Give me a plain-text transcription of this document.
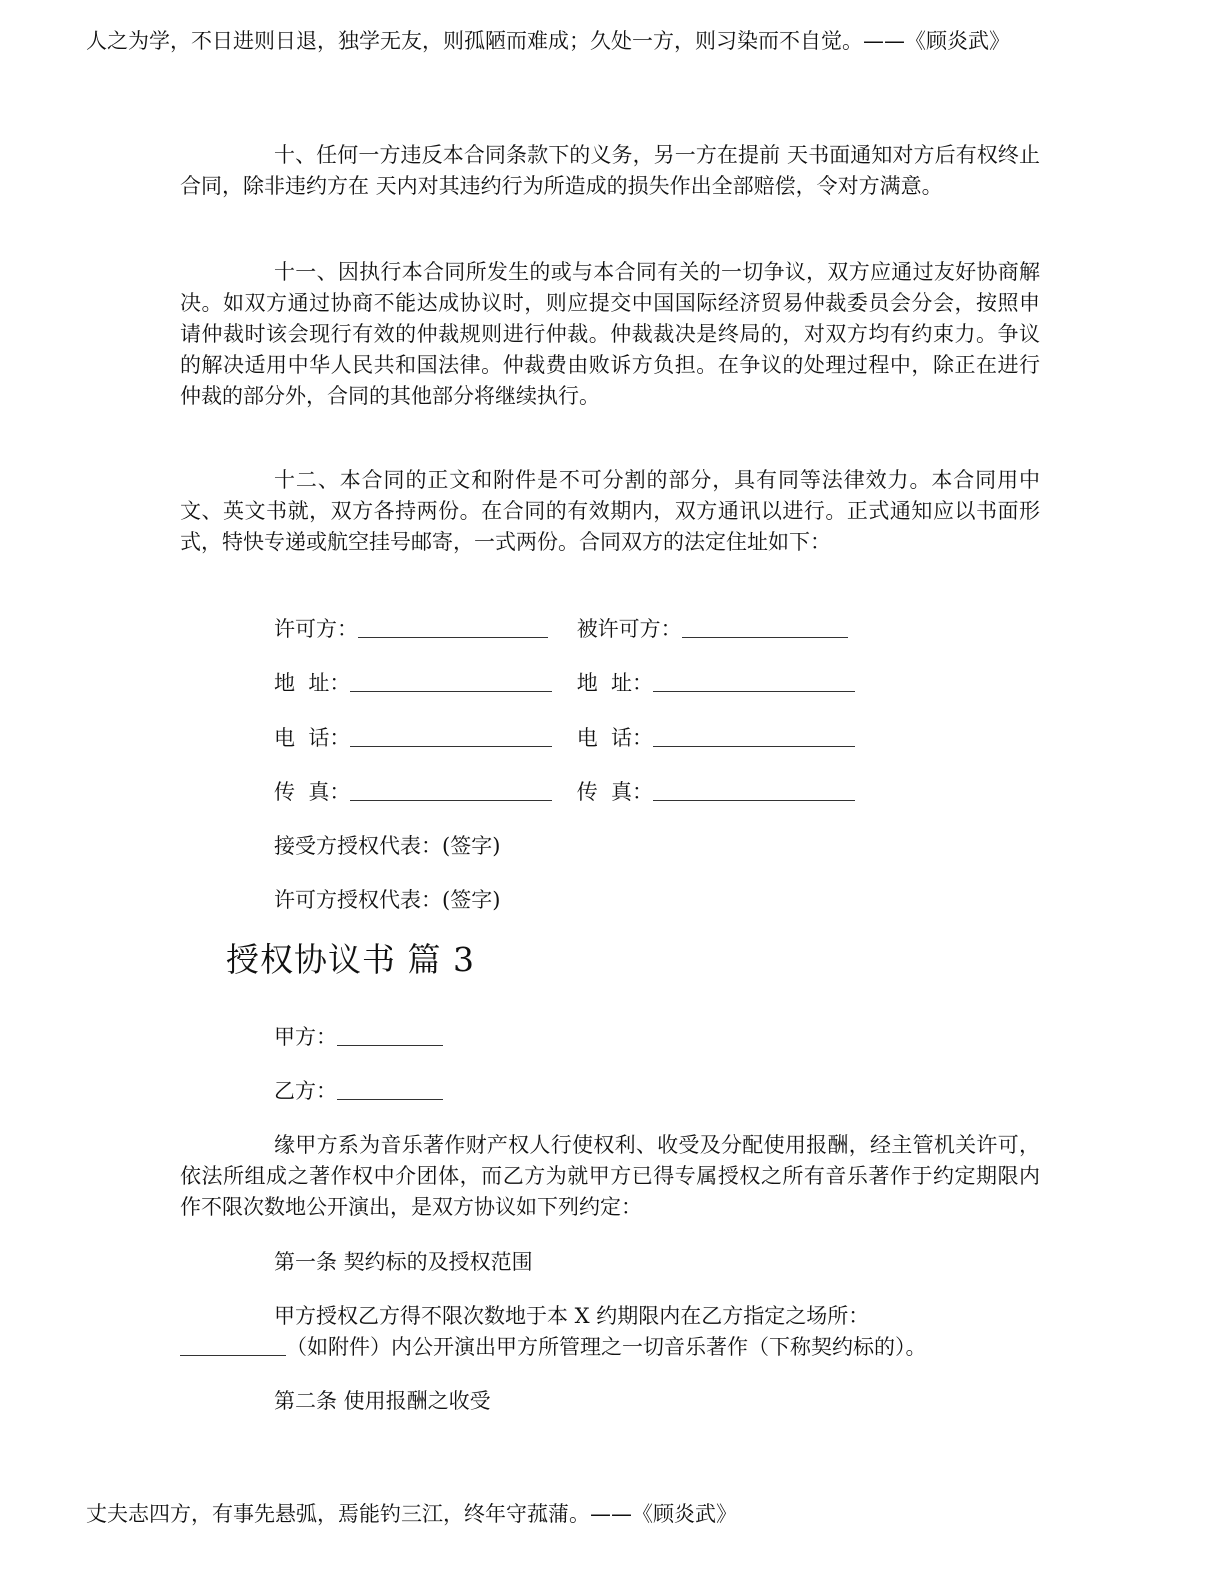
人之为学，不日进则日退，独学无友，则孤陋而难成；久处一方，则习染而不自觉。——《顾炎武》

十、任何一方违反本合同条款下的义务，另一方在提前 天书面通知对方后有权终止合同，除非违约方在 天内对其违约行为所造成的损失作出全部赔偿，令对方满意。

十一、因执行本合同所发生的或与本合同有关的一切争议，双方应通过友好协商解决。如双方通过协商不能达成协议时，则应提交中国国际经济贸易仲裁委员会分会，按照申请仲裁时该会现行有效的仲裁规则进行仲裁。仲裁裁决是终局的，对双方均有约束力。争议的解决适用中华人民共和国法律。仲裁费由败诉方负担。在争议的处理过程中，除正在进行仲裁的部分外，合同的其他部分将继续执行。

十二、本合同的正文和附件是不可分割的部分，具有同等法律效力。本合同用中文、英文书就，双方各持两份。在合同的有效期内，双方通讯以进行。正式通知应以书面形式，特快专递或航空挂号邮寄，一式两份。合同双方的法定住址如下：

许可方：	被许可方：
地  址：	地  址：
电  话：	电  话：
传  真：	传  真：
接受方授权代表：(签字)
许可方授权代表：(签字)
授权协议书 篇 3
甲方：
乙方：

缘甲方系为音乐著作财产权人行使权利、收受及分配使用报酬，经主管机关许可，依法所组成之著作权中介团体，而乙方为就甲方已得专属授权之所有音乐著作于约定期限内作不限次数地公开演出，是双方协议如下列约定：

第一条 契约标的及授权范围
甲方授权乙方得不限次数地于本 X 约期限内在乙方指定之场所：
（如附件）内公开演出甲方所管理之一切音乐著作（下称契约标的）。
第二条 使用报酬之收受
丈夫志四方，有事先悬弧，焉能钓三江，终年守菰蒲。——《顾炎武》
